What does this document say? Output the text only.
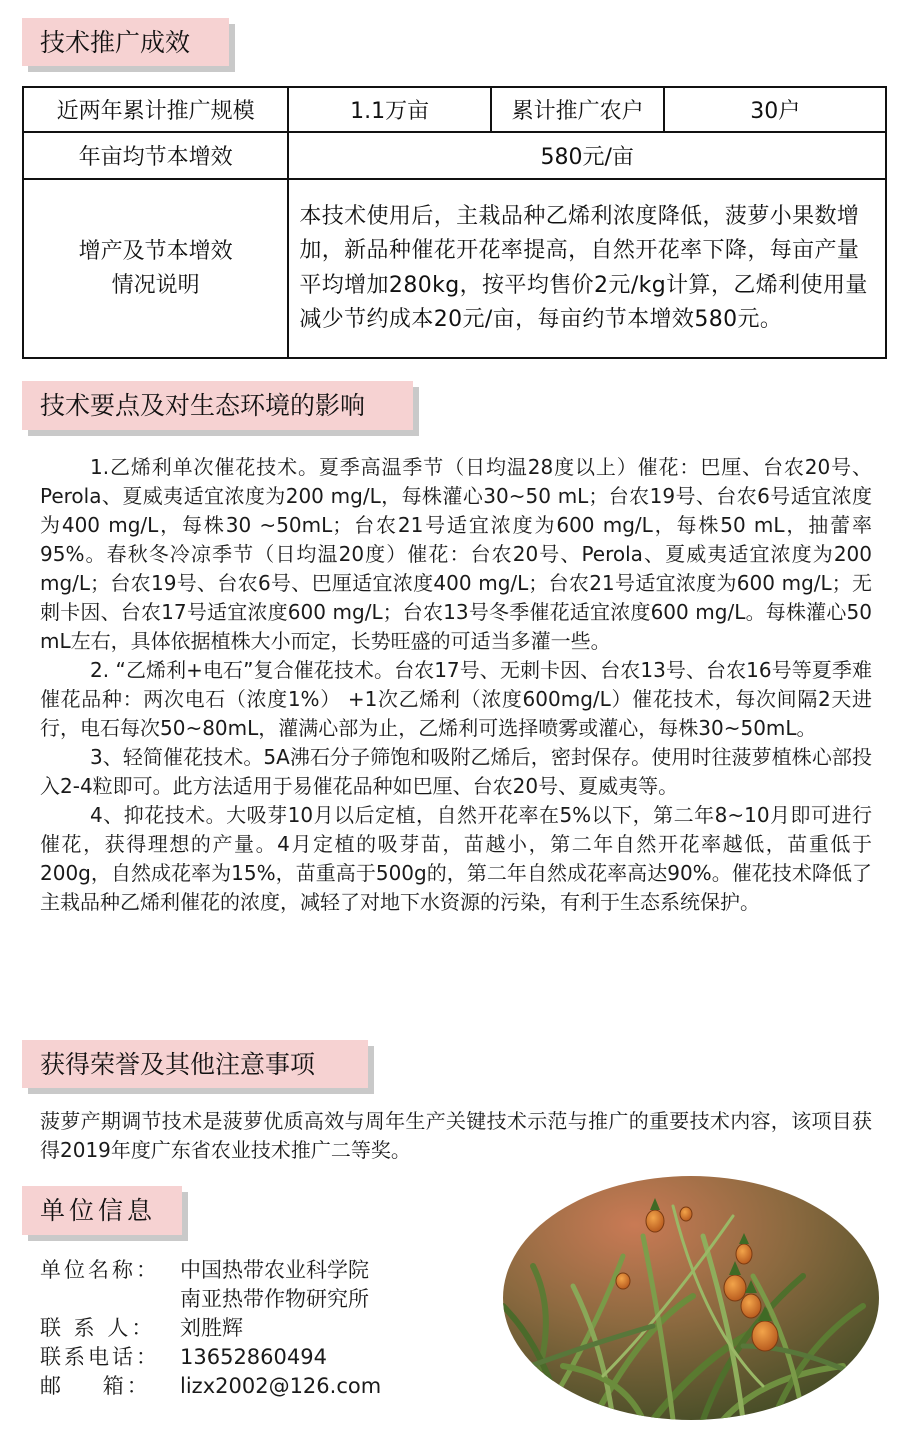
技术推广成效
近两年累计推广规模	1.1万亩	累计推广农户	30户
年亩均节本增效	580元/亩		

增产及节本增效
情况说明	本技术使用后，主栽品种乙烯利浓度降低，菠萝小果数增加，新品种催花开花率提高，自然开花率下降，每亩产量平均增加280kg，按平均售价2元/kg计算，乙烯利使用量减少节约成本20元/亩，每亩约节本增效580元。		
技术要点及对生态环境的影响

1.乙烯利单次催花技术。夏季高温季节（日均温28度以上）催花：巴厘、台农20号、Perola、夏威夷适宜浓度为200 mg/L，每株灌心30~50 mL；台农19号、台农6号适宜浓度为400 mg/L，每株30 ~50mL；台农21号适宜浓度为600 mg/L，每株50 mL，抽蕾率95%。春秋冬冷凉季节（日均温20度）催花：台农20号、Perola、夏威夷适宜浓度为200 mg/L；台农19号、台农6号、巴厘适宜浓度400 mg/L；台农21号适宜浓度为600 mg/L；无刺卡因、台农17号适宜浓度600 mg/L；台农13号冬季催花适宜浓度600 mg/L。每株灌心50 mL左右，具体依据植株大小而定，长势旺盛的可适当多灌一些。

2. “乙烯利+电石”复合催花技术。台农17号、无刺卡因、台农13号、台农16号等夏季难催花品种：两次电石（浓度1%） +1次乙烯利（浓度600mg/L）催花技术，每次间隔2天进行，电石每次50~80mL，灌满心部为止，乙烯利可选择喷雾或灌心，每株30~50mL。

3、轻简催花技术。5A沸石分子筛饱和吸附乙烯后，密封保存。使用时往菠萝植株心部投入2-4粒即可。此方法适用于易催花品种如巴厘、台农20号、夏威夷等。

4、抑花技术。大吸芽10月以后定植，自然开花率在5%以下，第二年8~10月即可进行催花，获得理想的产量。4月定植的吸芽苗，苗越小，第二年自然开花率越低，苗重低于200g，自然成花率为15%，苗重高于500g的，第二年自然成花率高达90%。催花技术降低了主栽品种乙烯利催花的浓度，减轻了对地下水资源的污染，有利于生态系统保护。

获得荣誉及其他注意事项

菠萝产期调节技术是菠萝优质高效与周年生产关键技术示范与推广的重要技术内容，该项目获得2019年度广东省农业技术推广二等奖。

单位信息
单位名称： 中国热带农业科学院
南亚热带作物研究所
联 系 人：	刘胜辉
联系电话： 13652860494
邮    箱：	lizx2002@126.com
